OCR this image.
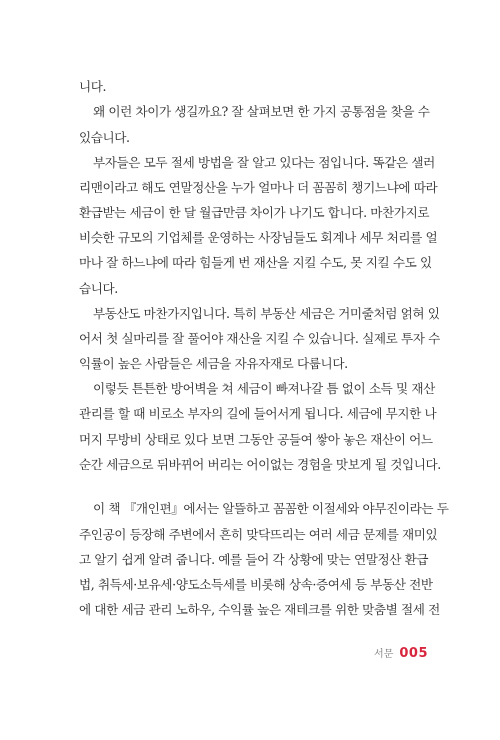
니다.
왜 이런 차이가 생길까요? 잘 살펴보면 한 가지 공통점을 찾을 수
있습니다.
부자들은 모두 절세 방법을 잘 알고 있다는 점입니다. 똑같은 샐러
리맨이라고 해도 연말정산을 누가 얼마나 더 꼼꼼히 챙기느냐에 따라
환급받는 세금이 한 달 월급만큼 차이가 나기도 합니다. 마찬가지로
비슷한 규모의 기업체를 운영하는 사장님들도 회계나 세무 처리를 얼
마나 잘 하느냐에 따라 힘들게 번 재산을 지킬 수도, 못 지킬 수도 있
습니다.
부동산도 마찬가지입니다. 특히 부동산 세금은 거미줄처럼 얽혀 있
어서 첫 실마리를 잘 풀어야 재산을 지킬 수 있습니다. 실제로 투자 수
익률이 높은 사람들은 세금을 자유자재로 다룹니다.
이렇듯 튼튼한 방어벽을 쳐 세금이 빠져나갈 틈 없이 소득 및 재산
관리를 할 때 비로소 부자의 길에 들어서게 됩니다. 세금에 무지한 나
머지 무방비 상태로 있다 보면 그동안 공들여 쌓아 놓은 재산이 어느
순간 세금으로 뒤바뀌어 버리는 어이없는 경험을 맛보게 될 것입니다.
이 책 『개인편』에서는 알뜰하고 꼼꼼한 이절세와 야무진이라는 두
주인공이 등장해 주변에서 흔히 맞닥뜨리는 여러 세금 문제를 재미있
고 알기 쉽게 알려 줍니다. 예를 들어 각 상황에 맞는 연말정산 환급
법, 취득세·보유세·양도소득세를 비롯해 상속·증여세 등 부동산 전반
에 대한 세금 관리 노하우, 수익률 높은 재테크를 위한 맞춤별 절세 전
서문 005
